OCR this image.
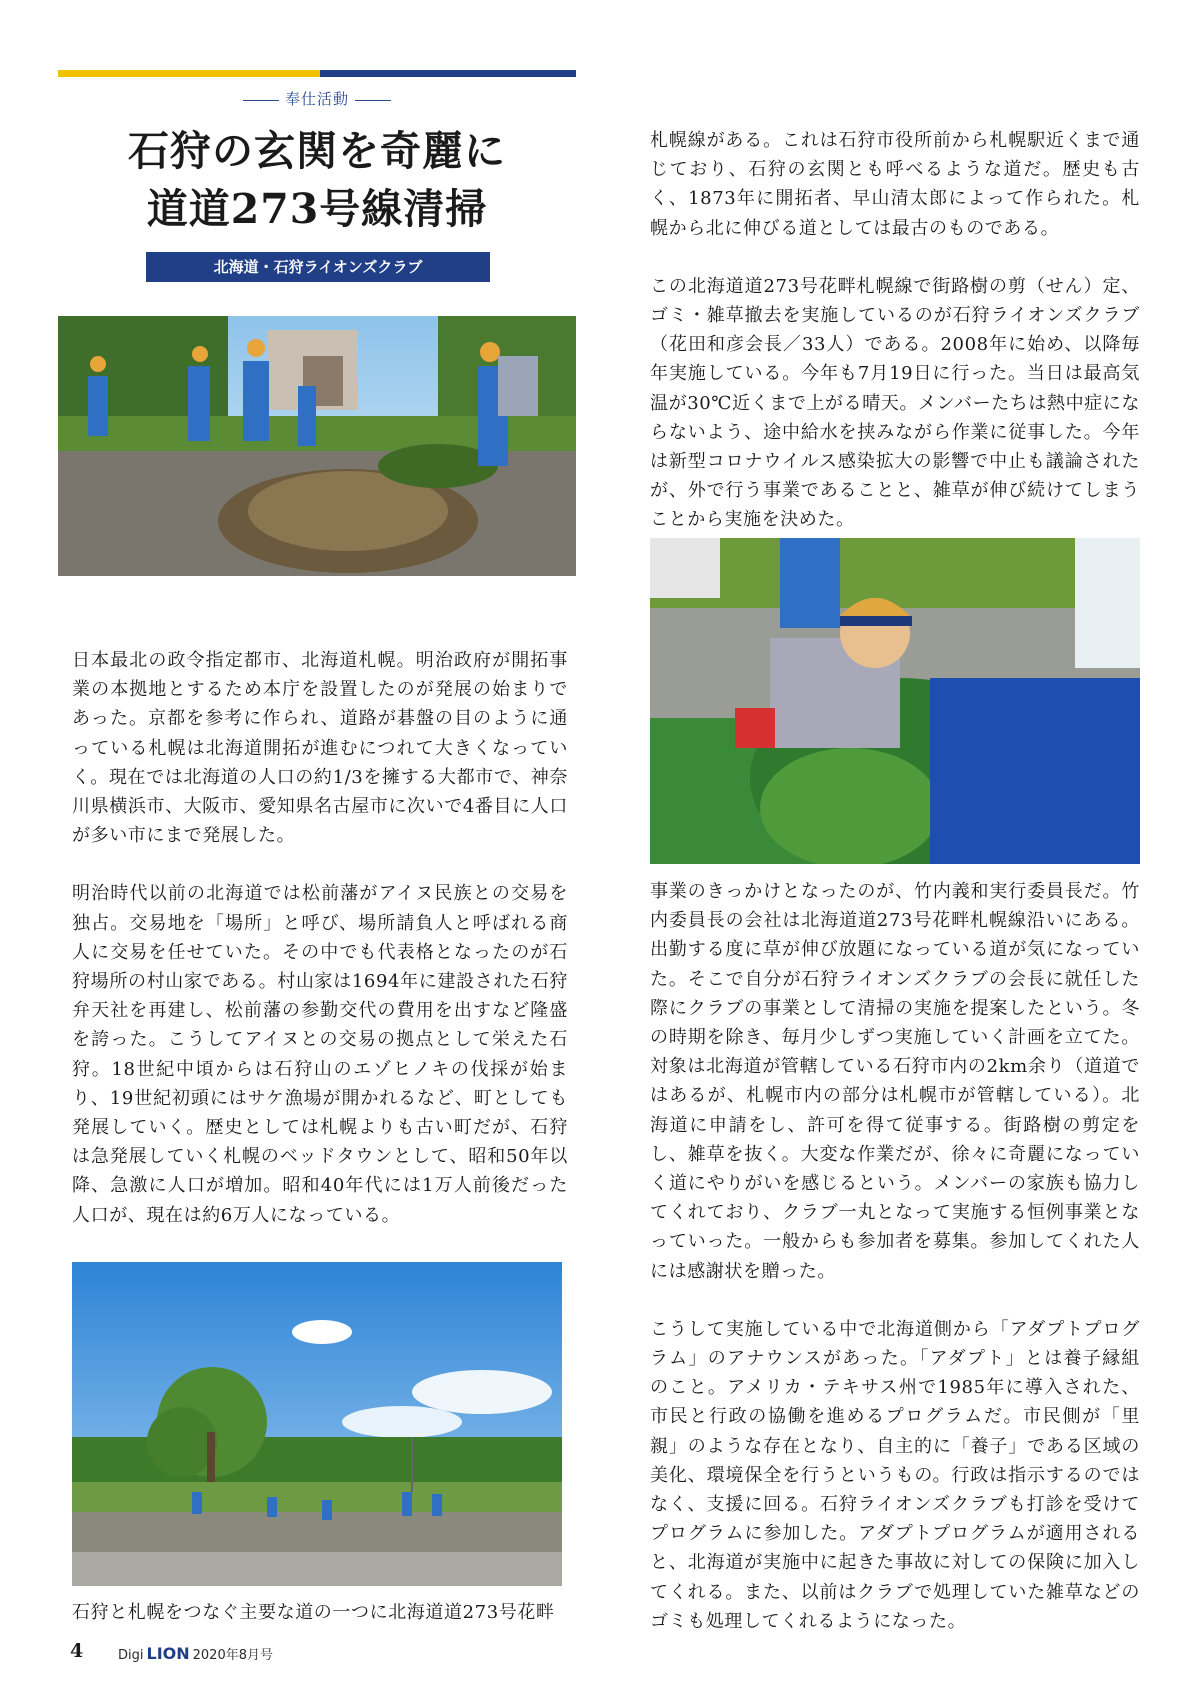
奉仕活動
石狩の玄関を奇麗に
道道273号線清掃
北海道・石狩ライオンズクラブ

日本最北の政令指定都市、北海道札幌。明治政府が開拓事業の本拠地とするため本庁を設置したのが発展の始まりであった。京都を参考に作られ、道路が碁盤の目のように通っている札幌は北海道開拓が進むにつれて大きくなっていく。現在では北海道の人口の約1/3を擁する大都市で、神奈川県横浜市、大阪市、愛知県名古屋市に次いで4番目に人口が多い市にまで発展した。

明治時代以前の北海道では松前藩がアイヌ民族との交易を独占。交易地を「場所」と呼び、場所請負人と呼ばれる商人に交易を任せていた。その中でも代表格となったのが石狩場所の村山家である。村山家は1694年に建設された石狩弁天社を再建し、松前藩の参勤交代の費用を出すなど隆盛を誇った。こうしてアイヌとの交易の拠点として栄えた石狩。18世紀中頃からは石狩山のエゾヒノキの伐採が始まり、19世紀初頭にはサケ漁場が開かれるなど、町としても発展していく。歴史としては札幌よりも古い町だが、石狩は急発展していく札幌のベッドタウンとして、昭和50年以降、急激に人口が増加。昭和40年代には1万人前後だった人口が、現在は約6万人になっている。

石狩と札幌をつなぐ主要な道の一つに北海道道273号花畔

札幌線がある。これは石狩市役所前から札幌駅近くまで通じており、石狩の玄関とも呼べるような道だ。歴史も古く、1873年に開拓者、早山清太郎によって作られた。札幌から北に伸びる道としては最古のものである。

この北海道道273号花畔札幌線で街路樹の剪（せん）定、ゴミ・雑草撤去を実施しているのが石狩ライオンズクラブ（花田和彦会長／33人）である。2008年に始め、以降毎年実施している。今年も7月19日に行った。当日は最高気温が30℃近くまで上がる晴天。メンバーたちは熱中症にならないよう、途中給水を挟みながら作業に従事した。今年は新型コロナウイルス感染拡大の影響で中止も議論されたが、外で行う事業であることと、雑草が伸び続けてしまうことから実施を決めた。

事業のきっかけとなったのが、竹内義和実行委員長だ。竹内委員長の会社は北海道道273号花畔札幌線沿いにある。出勤する度に草が伸び放題になっている道が気になっていた。そこで自分が石狩ライオンズクラブの会長に就任した際にクラブの事業として清掃の実施を提案したという。冬の時期を除き、毎月少しずつ実施していく計画を立てた。対象は北海道が管轄している石狩市内の2km余り（道道ではあるが、札幌市内の部分は札幌市が管轄している）。北海道に申請をし、許可を得て従事する。街路樹の剪定をし、雑草を抜く。大変な作業だが、徐々に奇麗になっていく道にやりがいを感じるという。メンバーの家族も協力してくれており、クラブ一丸となって実施する恒例事業となっていった。一般からも参加者を募集。参加してくれた人には感謝状を贈った。

こうして実施している中で北海道側から「アダプトプログラム」のアナウンスがあった。「アダプト」とは養子縁組のこと。アメリカ・テキサス州で1985年に導入された、市民と行政の協働を進めるプログラムだ。市民側が「里親」のような存在となり、自主的に「養子」である区域の美化、環境保全を行うというもの。行政は指示するのではなく、支援に回る。石狩ライオンズクラブも打診を受けてプログラムに参加した。アダプトプログラムが適用されると、北海道が実施中に起きた事故に対しての保険に加入してくれる。また、以前はクラブで処理していた雑草などのゴミも処理してくれるようになった。

4	Digi LION 2020年8月号
